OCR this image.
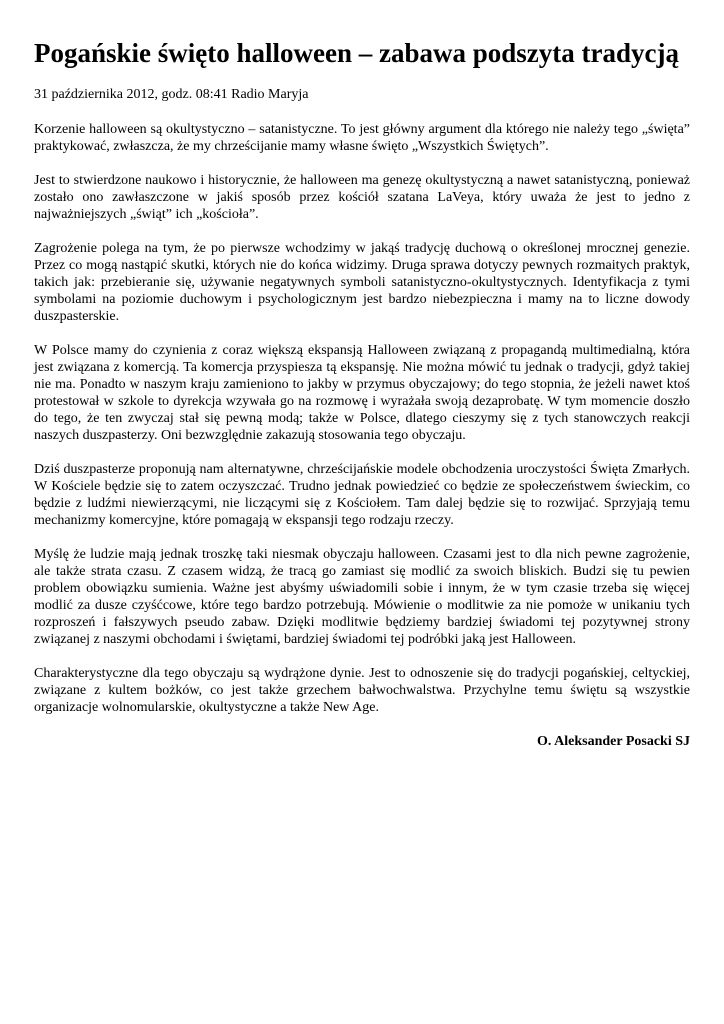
Pogańskie święto halloween – zabawa podszyta tradycją
31 października 2012, godz. 08:41 Radio Maryja

Korzenie halloween są okultystyczno – satanistyczne. To jest główny argument dla którego nie należy tego „święta” praktykować, zwłaszcza, że my chrześcijanie mamy własne święto „Wszystkich Świętych”.

Jest to stwierdzone naukowo i historycznie, że halloween ma genezę okultystyczną a nawet satanistyczną, ponieważ zostało ono zawłaszczone w jakiś sposób przez kościół szatana LaVeya, który uważa że jest to jedno z najważniejszych „świąt” ich „kościoła”.

Zagrożenie polega na tym, że po pierwsze wchodzimy w jakąś tradycję duchową o określonej mrocznej genezie. Przez co mogą nastąpić skutki, których nie do końca widzimy. Druga sprawa dotyczy pewnych rozmaitych praktyk, takich jak: przebieranie się, używanie negatywnych symboli satanistyczno-okultystycznych. Identyfikacja z tymi symbolami na poziomie duchowym i psychologicznym jest bardzo niebezpieczna i mamy na to liczne dowody duszpasterskie.

W Polsce mamy do czynienia z coraz większą ekspansją Halloween związaną z propagandą multimedialną, która jest związana z komercją. Ta komercja przyspiesza tą ekspansję. Nie można mówić tu jednak o tradycji, gdyż takiej nie ma. Ponadto w naszym kraju zamieniono to jakby w przymus obyczajowy; do tego stopnia, że jeżeli nawet ktoś protestował w szkole to dyrekcja wzywała go na rozmowę i wyrażała swoją dezaprobatę. W tym momencie doszło do tego, że ten zwyczaj stał się pewną modą; także w Polsce, dlatego cieszymy się z tych stanowczych reakcji naszych duszpasterzy. Oni bezwzględnie zakazują stosowania tego obyczaju.

Dziś duszpasterze proponują nam alternatywne, chrześcijańskie modele obchodzenia uroczystości Święta Zmarłych. W Kościele będzie się to zatem oczyszczać. Trudno jednak powiedzieć co będzie ze społeczeństwem świeckim, co będzie z ludźmi niewierzącymi, nie liczącymi się z Kościołem. Tam dalej będzie się to rozwijać. Sprzyjają temu mechanizmy komercyjne, które pomagają w ekspansji tego rodzaju rzeczy.

Myślę że ludzie mają jednak troszkę taki niesmak obyczaju halloween. Czasami jest to dla nich pewne zagrożenie, ale także strata czasu. Z czasem widzą, że tracą go zamiast się modlić za swoich bliskich. Budzi się tu pewien problem obowiązku sumienia. Ważne jest abyśmy uświadomili sobie i innym, że w tym czasie trzeba się więcej modlić za dusze czyśćcowe, które tego bardzo potrzebują. Mówienie o modlitwie za nie pomoże w unikaniu tych rozproszeń i fałszywych pseudo zabaw. Dzięki modlitwie będziemy bardziej świadomi tej pozytywnej strony związanej z naszymi obchodami i świętami, bardziej świadomi tej podróbki jaką jest Halloween.

Charakterystyczne dla tego obyczaju są wydrążone dynie. Jest to odnoszenie się do tradycji pogańskiej, celtyckiej, związane z kultem bożków, co jest także grzechem bałwochwalstwa. Przychylne temu świętu są wszystkie organizacje wolnomularskie, okultystyczne a także New Age.

O. Aleksander Posacki SJ
